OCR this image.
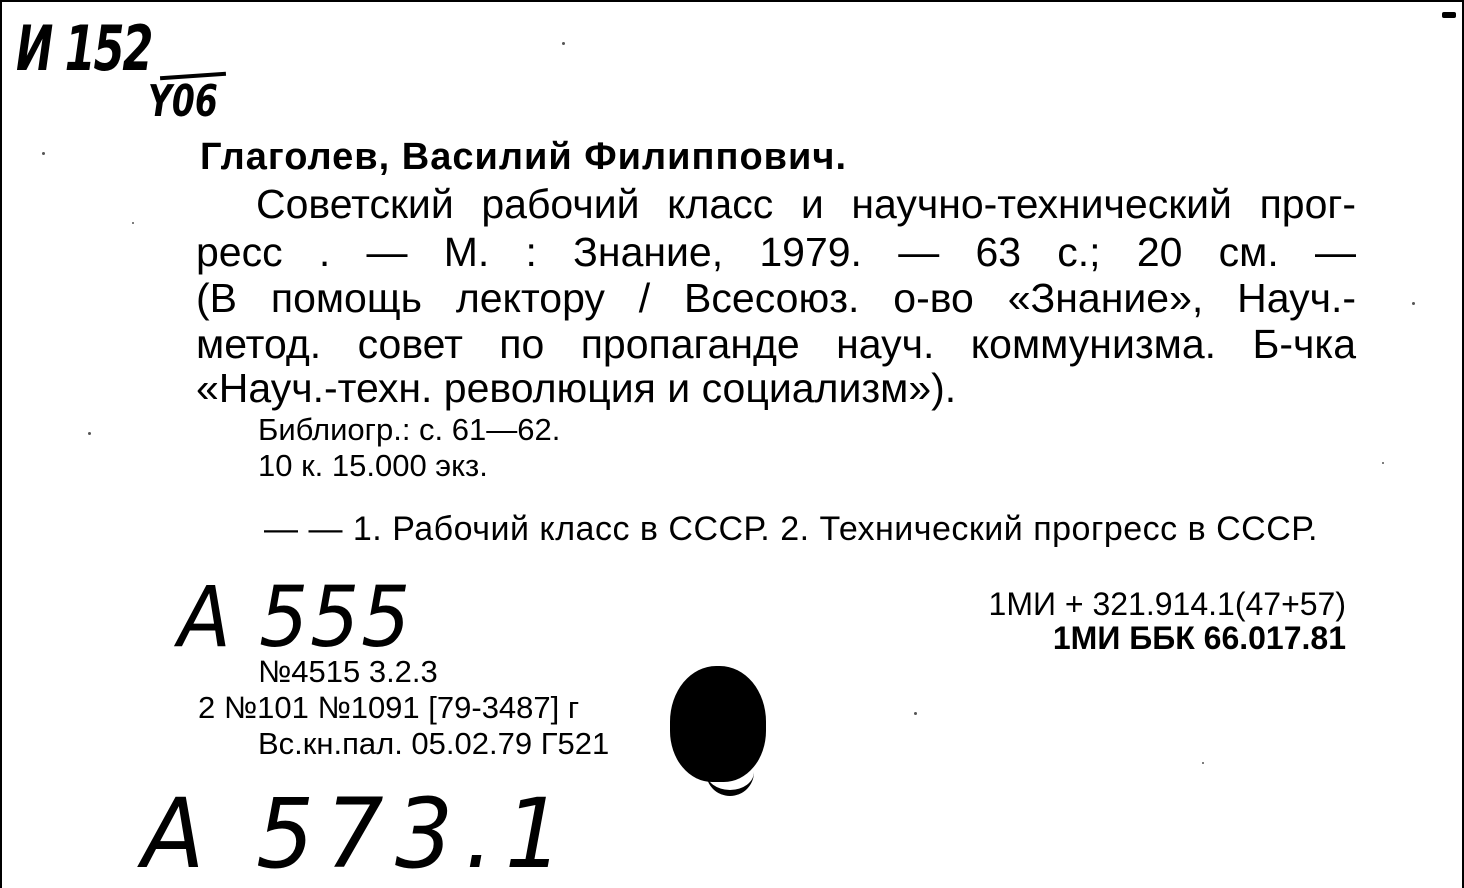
И 152
Y06
Глаголев, Василий Филиппович.
Советский рабочий класс и научно-технический прог-
ресс . — М. : Знание, 1979. — 63 с.; 20 см. —
(В помощь лектору / Всесоюз. о-во «Знание», Науч.-
метод. совет по пропаганде науч. коммунизма. Б-чка
«Науч.-техн. революция и социализм»).
Библиогр.: с. 61—62.
10 к. 15.000 экз.
— — 1. Рабочий класс в СССР. 2. Технический прогресс в СССР.
А 555	1МИ + 321.914.1(47+57)
1МИ ББК 66.017.81
№4515 3.2.3
2 №101 №1091 [79-3487] г
Вс.кн.пал. 05.02.79 Г521
А 573.1
